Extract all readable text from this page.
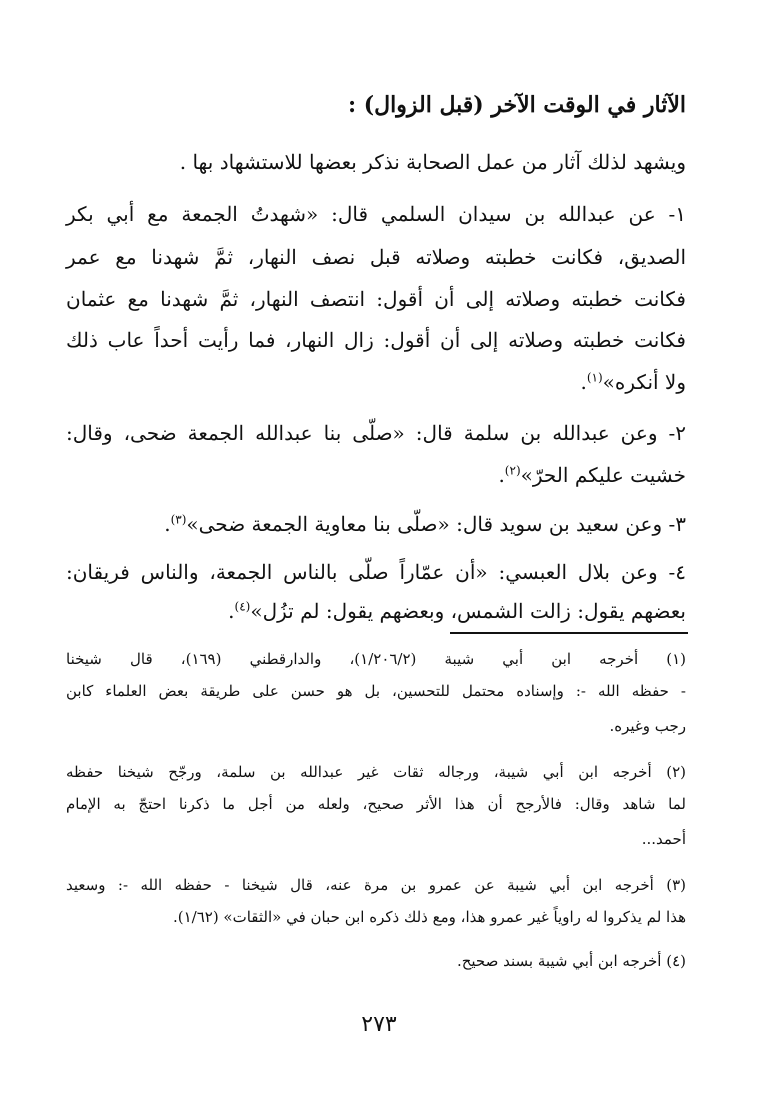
الآثار في الوقت الآخر (قبل الزوال) :
ويشهد لذلك آثار من عمل الصحابة نذكر بعضها للاستشهاد بها .
١- عن عبدالله بن سيدان السلمي قال: «شهدتُ الجمعة مع أبي بكر
الصديق، فكانت خطبته وصلاته قبل نصف النهار، ثمَّ شهدنا مع عمر
فكانت خطبته وصلاته إلى أن أقول: انتصف النهار، ثمَّ شهدنا مع عثمان
فكانت خطبته وصلاته إلى أن أقول: زال النهار، فما رأيت أحداً عاب ذلك
ولا أنكره»$^{(١)}$.
٢- وعن عبدالله بن سلمة قال: «صلّى بنا عبدالله الجمعة ضحى، وقال:
خشيت عليكم الحرّ»$^{(٢)}$.
٣- وعن سعيد بن سويد قال: «صلّى بنا معاوية الجمعة ضحى»$^{(٣)}$.
٤- وعن بلال العبسي: «أن عمّاراً صلّى بالناس الجمعة، والناس فريقان:
بعضهم يقول: زالت الشمس، وبعضهم يقول: لم تزُل»$^{(٤)}$.
(١) أخرجه ابن أبي شيبة (١/٢٠٦/٢)، والدارقطني (١٦٩)، قال شيخنا
- حفظه الله -: وإسناده محتمل للتحسين، بل هو حسن على طريقة بعض العلماء كابن
رجب وغيره.
(٢) أخرجه ابن أبي شيبة، ورجاله ثقات غير عبدالله بن سلمة، ورجّح شيخنا حفظه
لما شاهد وقال: فالأرجح أن هذا الأثر صحيح، ولعله من أجل ما ذكرنا احتجّ به الإمام
أحمد...
(٣) أخرجه ابن أبي شيبة عن عمرو بن مرة عنه، قال شيخنا - حفظه الله -: وسعيد
هذا لم يذكروا له راوياً غير عمرو هذا، ومع ذلك ذكره ابن حبان في «الثقات» (١/٦٢).
(٤) أخرجه ابن أبي شيبة بسند صحيح.
٢٧٣
